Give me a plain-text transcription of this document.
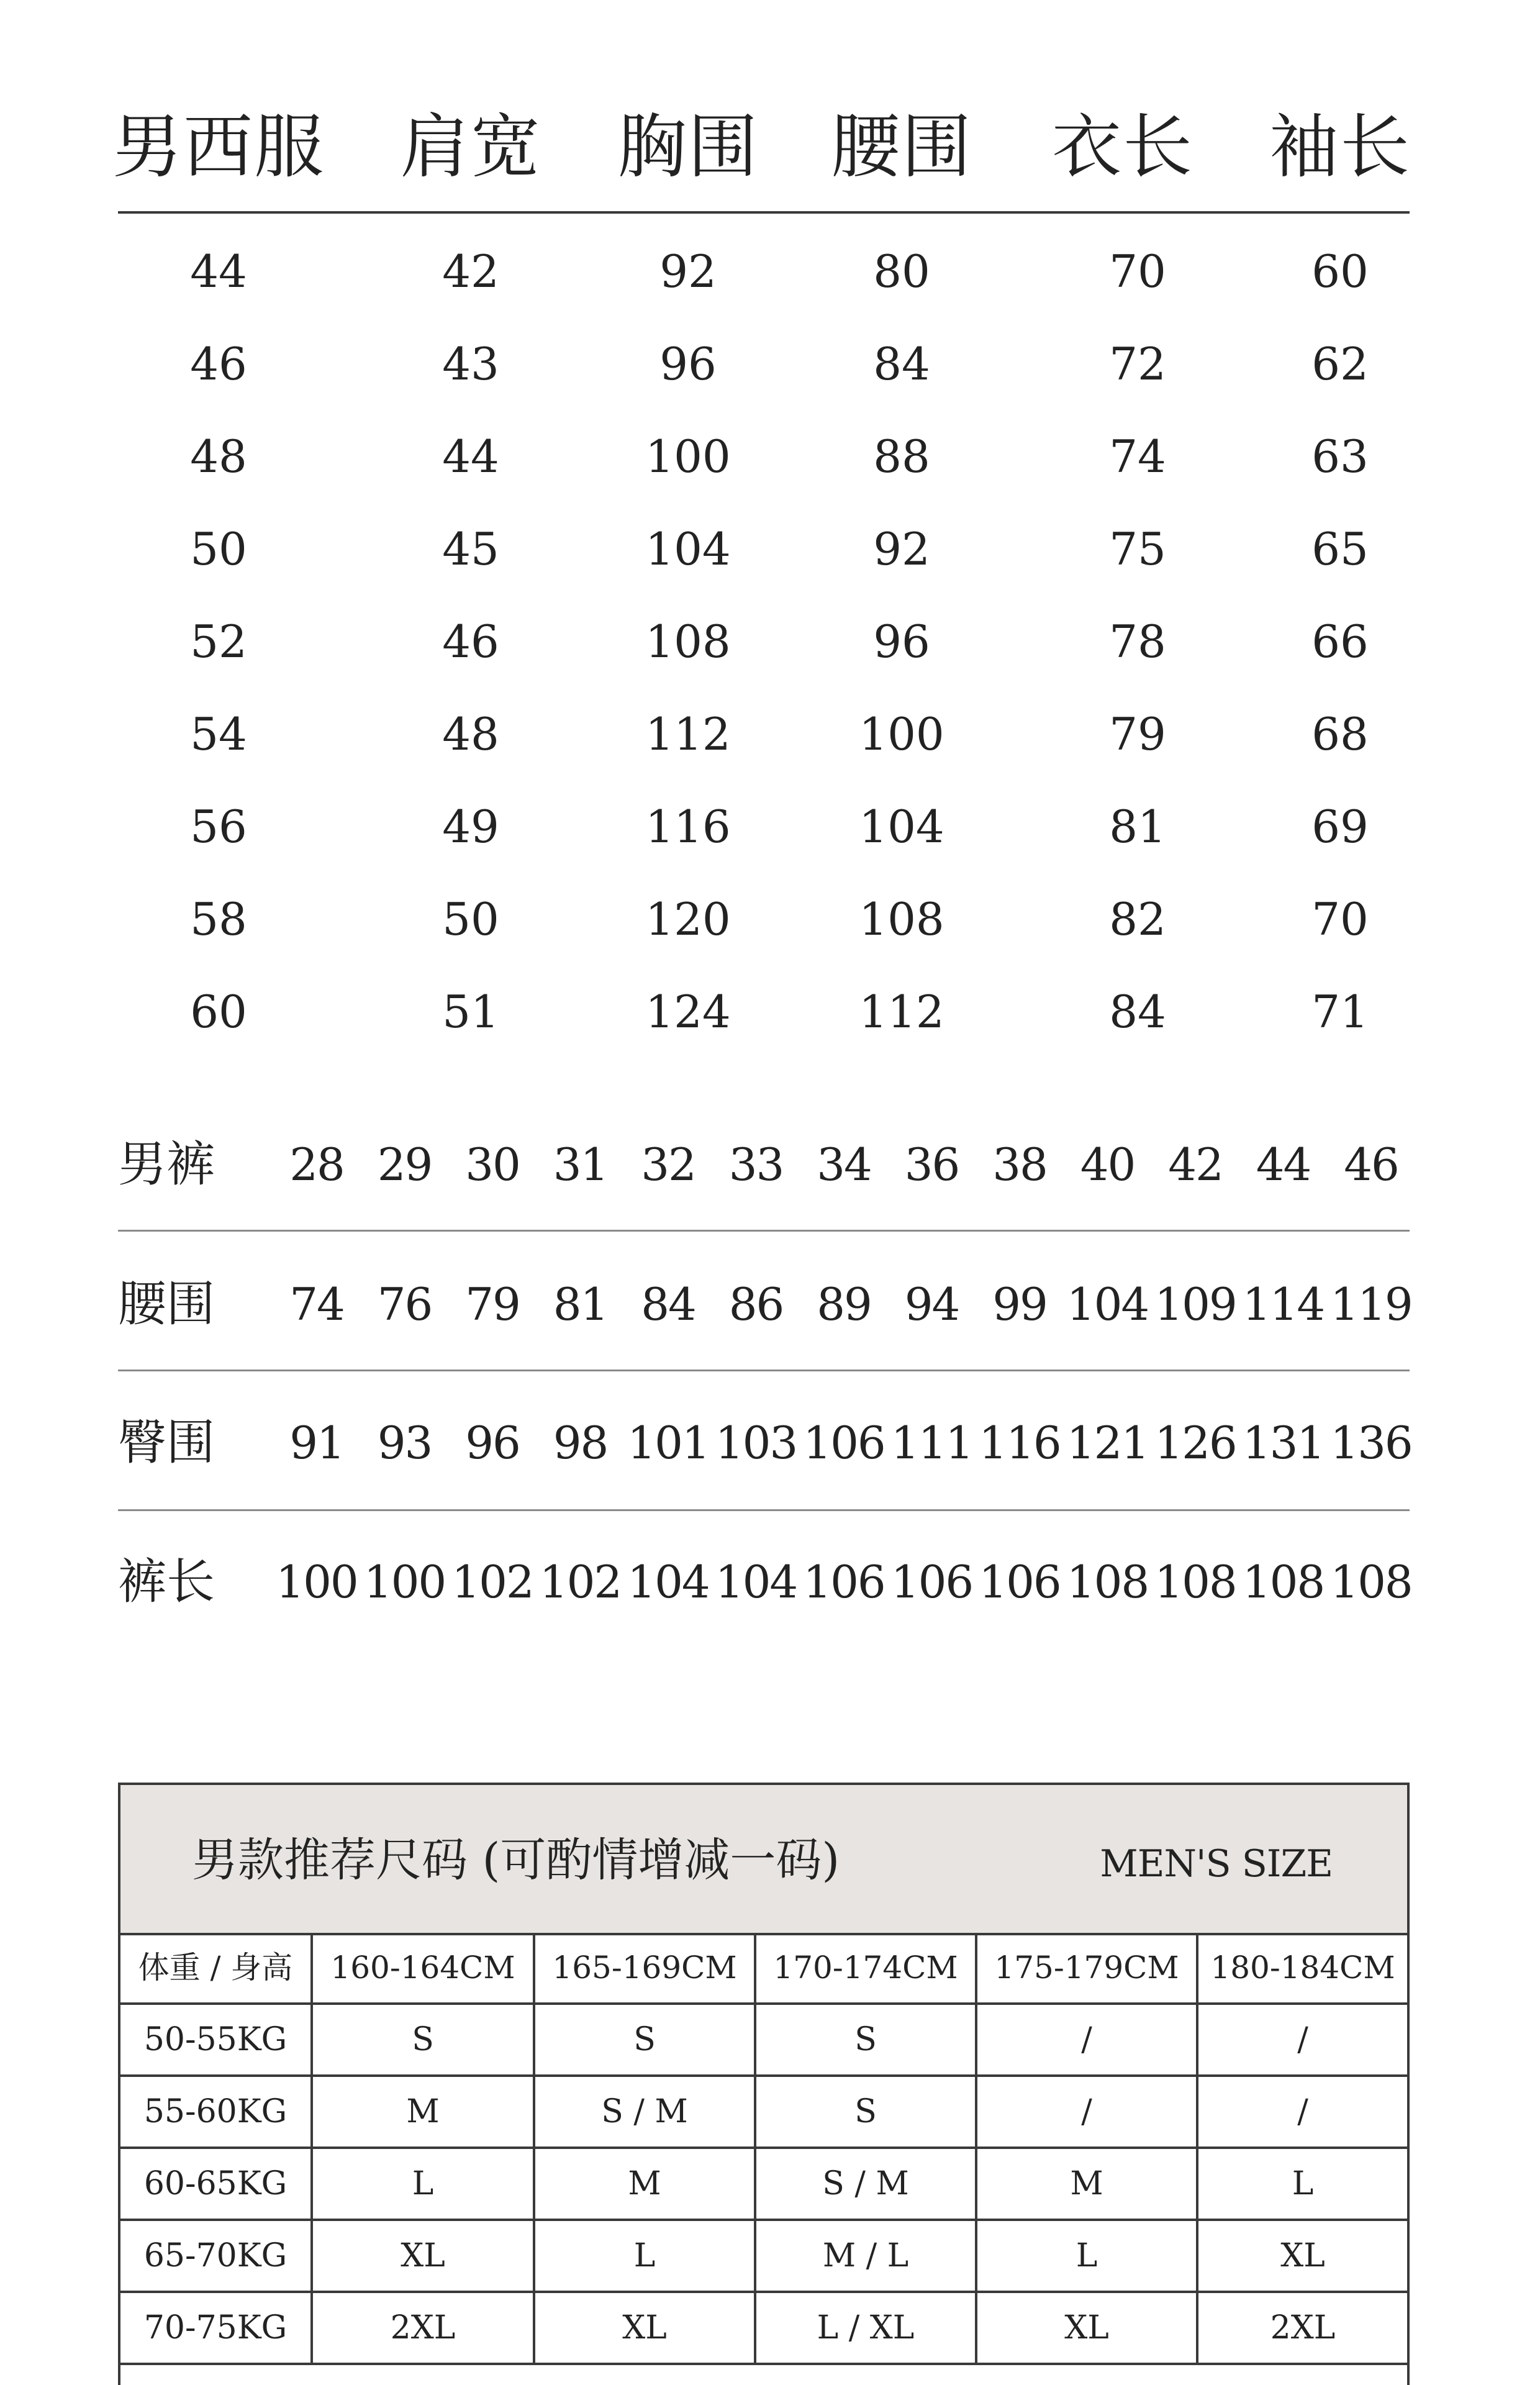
男西服 肩宽 胸围 腰围 衣长 袖长
44	42	92	80	70	60
46	43	96	84	72	62
48	44	100	88	74	63
50	45	104	92	75	65
52	46	108	96	78	66
54	48	112	100	79	68
56	49	116	104	81	69
58	50	120	108	82	70
60	51	124	112	84	71
男裤 28 29 30 31 32 33 34 36 38 40 42 44 46
腰围 74 76 79 81 84 86 89 94 99 104 109 114 119
臀围 91 93 96 98 101 103 106 111 116 121 126 131 136
裤长 100 100 102 102 104 104 106 106 106 108 108 108 108
男款推荐尺码 (可酌情增减一码)	MEN'S SIZE
体重 / 身高	160-164CM	165-169CM	170-174CM	175-179CM	180-184CM
50-55KG	S	S	S	/	/
55-60KG	M	S / M	S	/	/
60-65KG	L	M	S / M	M	L
65-70KG	XL	L	M / L	L	XL
70-75KG	2XL	XL	L / XL	XL	2XL
